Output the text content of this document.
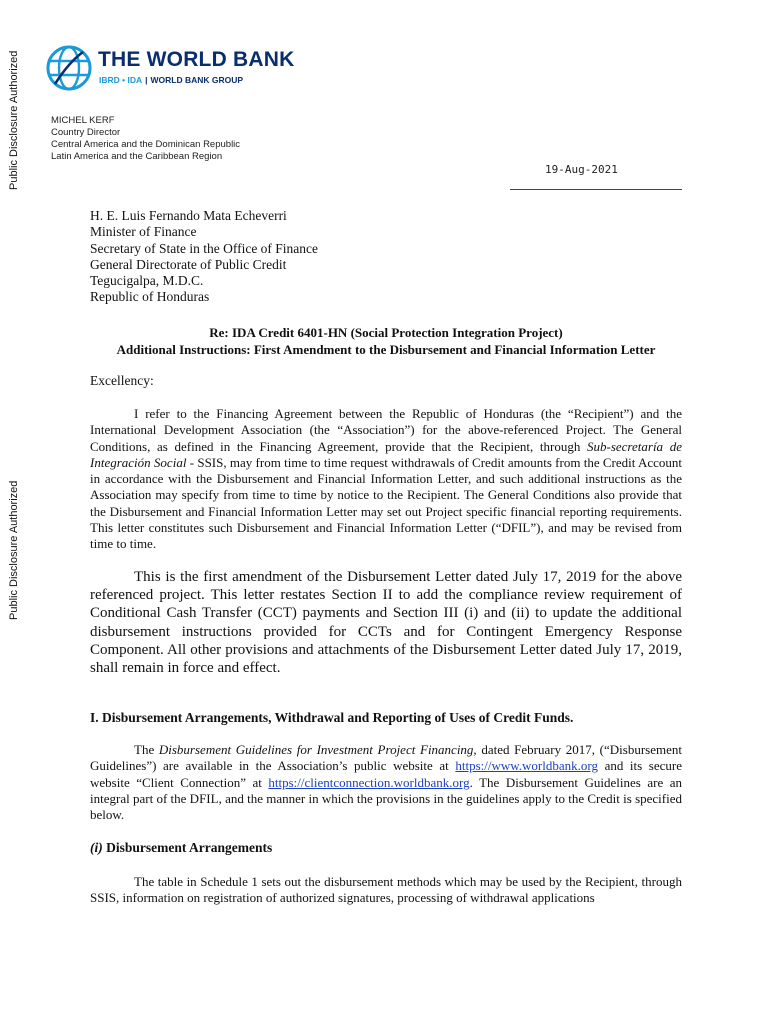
Public Disclosure Authorized
Public Disclosure Authorized
THE WORLD BANK
IBRD • IDA | WORLD BANK GROUP
MICHEL KERF
Country Director
Central America and the Dominican Republic
Latin America and the Caribbean Region
19-Aug-2021
H. E. Luis Fernando Mata Echeverri
Minister of Finance
Secretary of State in the Office of Finance
General Directorate of Public Credit
Tegucigalpa, M.D.C.
Republic of Honduras
Re: IDA Credit 6401-HN (Social Protection Integration Project)
Additional Instructions: First Amendment to the Disbursement and Financial Information Letter
Excellency:

I refer to the Financing Agreement between the Republic of Honduras (the “Recipient”) and the International Development Association (the “Association”) for the above-referenced Project. The General Conditions, as defined in the Financing Agreement, provide that the Recipient, through Sub-secretaría de Integración Social - SSIS, may from time to time request withdrawals of Credit amounts from the Credit Account in accordance with the Disbursement and Financial Information Letter, and such additional instructions as the Association may specify from time to time by notice to the Recipient. The General Conditions also provide that the Disbursement and Financial Information Letter may set out Project specific financial reporting requirements. This letter constitutes such Disbursement and Financial Information Letter (“DFIL”), and may be revised from time to time.

This is the first amendment of the Disbursement Letter dated July 17, 2019 for the above referenced project. This letter restates Section II to add the compliance review requirement of Conditional Cash Transfer (CCT) payments and Section III (i) and (ii) to update the additional disbursement instructions provided for CCTs and for Contingent Emergency Response Component. All other provisions and attachments of the Disbursement Letter dated July 17, 2019, shall remain in force and effect.

I. Disbursement Arrangements, Withdrawal and Reporting of Uses of Credit Funds.

The Disbursement Guidelines for Investment Project Financing, dated February 2017, (“Disbursement Guidelines”) are available in the Association’s public website at https://www.worldbank.org and its secure website “Client Connection” at https://clientconnection.worldbank.org. The Disbursement Guidelines are an integral part of the DFIL, and the manner in which the provisions in the guidelines apply to the Credit is specified below.

(i) Disbursement Arrangements

The table in Schedule 1 sets out the disbursement methods which may be used by the Recipient, through SSIS, information on registration of authorized signatures, processing of withdrawal applications
